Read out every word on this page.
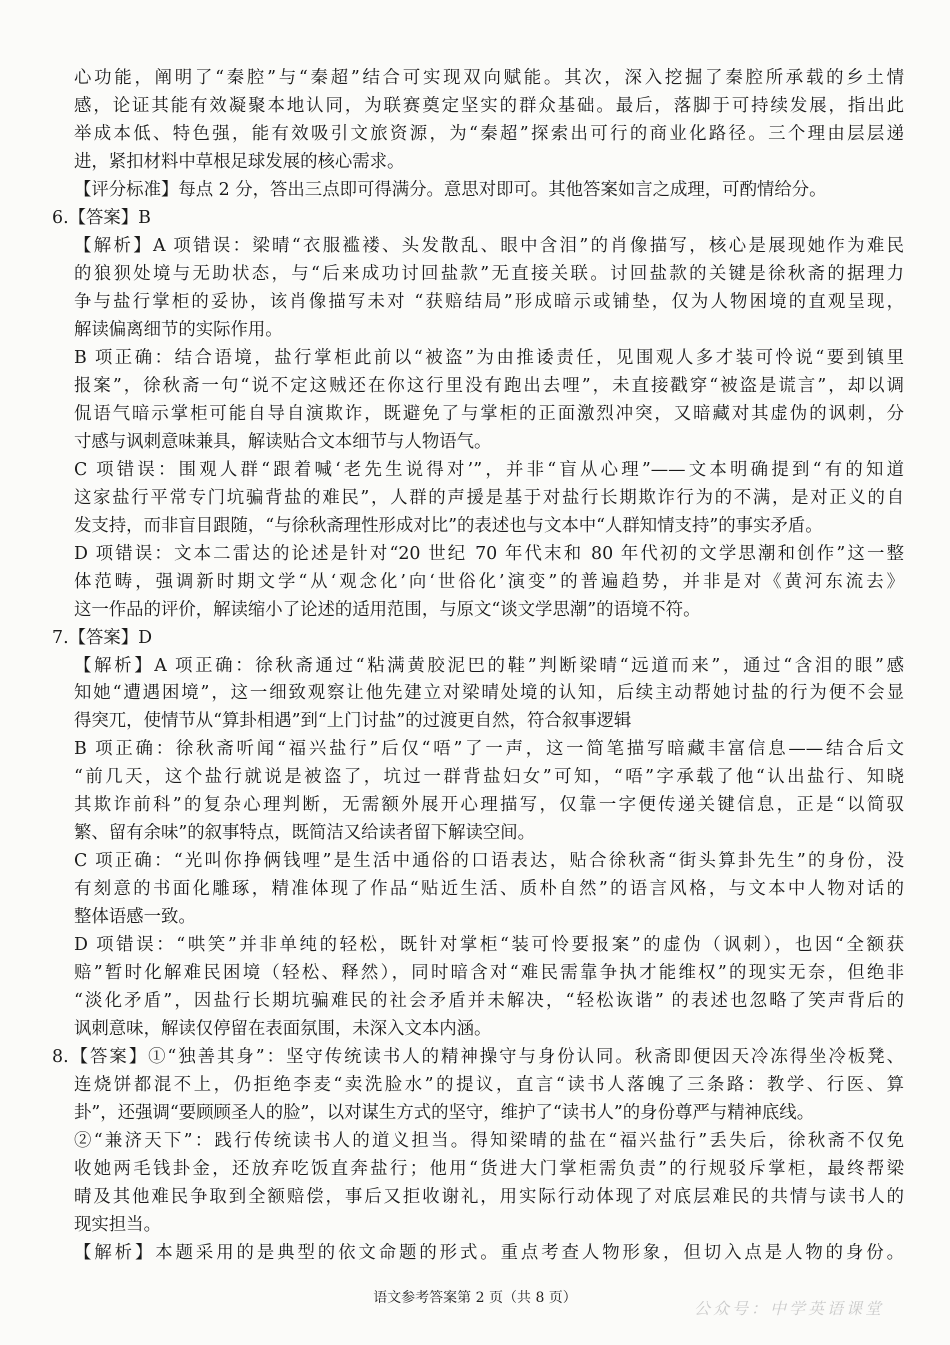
心功能，阐明了“秦腔”与“秦超”结合可实现双向赋能。其次，深入挖掘了秦腔所承载的乡土情
感，论证其能有效凝聚本地认同，为联赛奠定坚实的群众基础。最后，落脚于可持续发展，指出此
举成本低、特色强，能有效吸引文旅资源，为“秦超”探索出可行的商业化路径。三个理由层层递
进，紧扣材料中草根足球发展的核心需求。
【评分标准】每点 2 分，答出三点即可得满分。意思对即可。其他答案如言之成理，可酌情给分。
6.【答案】B
【解析】A 项错误：梁晴“衣服褴褛、头发散乱、眼中含泪”的肖像描写，核心是展现她作为难民
的狼狈处境与无助状态，与“后来成功讨回盐款”无直接关联。讨回盐款的关键是徐秋斋的据理力
争与盐行掌柜的妥协，该肖像描写未对 “获赔结局”形成暗示或铺垫，仅为人物困境的直观呈现，
解读偏离细节的实际作用。
B 项正确：结合语境，盐行掌柜此前以“被盗”为由推诿责任，见围观人多才装可怜说“要到镇里
报案”，徐秋斋一句“说不定这贼还在你这行里没有跑出去哩”，未直接戳穿“被盗是谎言”，却以调
侃语气暗示掌柜可能自导自演欺诈，既避免了与掌柜的正面激烈冲突，又暗藏对其虚伪的讽刺，分
寸感与讽刺意味兼具，解读贴合文本细节与人物语气。
C 项错误：围观人群“跟着喊‘老先生说得对’”，并非“盲从心理”——文本明确提到“有的知道
这家盐行平常专门坑骗背盐的难民”，人群的声援是基于对盐行长期欺诈行为的不满，是对正义的自
发支持，而非盲目跟随，“与徐秋斋理性形成对比”的表述也与文本中“人群知情支持”的事实矛盾。
D 项错误：文本二雷达的论述是针对“20 世纪 70 年代末和 80 年代初的文学思潮和创作”这一整
体范畴，强调新时期文学“从‘观念化’向‘世俗化’演变”的普遍趋势，并非是对《黄河东流去》
这一作品的评价，解读缩小了论述的适用范围，与原文“谈文学思潮”的语境不符。
7.【答案】D
【解析】A 项正确：徐秋斋通过“粘满黄胶泥巴的鞋”判断梁晴“远道而来”，通过“含泪的眼”感
知她“遭遇困境”，这一细致观察让他先建立对梁晴处境的认知，后续主动帮她讨盐的行为便不会显
得突兀，使情节从“算卦相遇”到“上门讨盐”的过渡更自然，符合叙事逻辑
B 项正确：徐秋斋听闻“福兴盐行”后仅“唔”了一声，这一简笔描写暗藏丰富信息——结合后文
“前几天，这个盐行就说是被盗了，坑过一群背盐妇女”可知，“唔”字承载了他“认出盐行、知晓
其欺诈前科”的复杂心理判断，无需额外展开心理描写，仅靠一字便传递关键信息，正是“以简驭
繁、留有余味”的叙事特点，既简洁又给读者留下解读空间。
C 项正确：“光叫你挣俩钱哩”是生活中通俗的口语表达，贴合徐秋斋“街头算卦先生”的身份，没
有刻意的书面化雕琢，精准体现了作品“贴近生活、质朴自然”的语言风格，与文本中人物对话的
整体语感一致。
D 项错误：“哄笑”并非单纯的轻松，既针对掌柜“装可怜要报案”的虚伪（讽刺），也因“全额获
赔”暂时化解难民困境（轻松、释然），同时暗含对“难民需靠争执才能维权”的现实无奈，但绝非
“淡化矛盾”，因盐行长期坑骗难民的社会矛盾并未解决，“轻松诙谐” 的表述也忽略了笑声背后的
讽刺意味，解读仅停留在表面氛围，未深入文本内涵。
8.【答案】①“独善其身”：坚守传统读书人的精神操守与身份认同。秋斋即便因天冷冻得坐冷板凳、
连烧饼都混不上，仍拒绝李麦“卖洗脸水”的提议，直言“读书人落魄了三条路：教学、行医、算
卦”，还强调“要顾顾圣人的脸”，以对谋生方式的坚守，维护了“读书人”的身份尊严与精神底线。
②“兼济天下”：践行传统读书人的道义担当。得知梁晴的盐在“福兴盐行”丢失后，徐秋斋不仅免
收她两毛钱卦金，还放弃吃饭直奔盐行；他用“货进大门掌柜需负责”的行规驳斥掌柜，最终帮梁
晴及其他难民争取到全额赔偿，事后又拒收谢礼，用实际行动体现了对底层难民的共情与读书人的
现实担当。
【解析】本题采用的是典型的依文命题的形式。重点考查人物形象，但切入点是人物的身份。
语文参考答案第 2 页（共 8 页）
公众号：中学英语课堂
